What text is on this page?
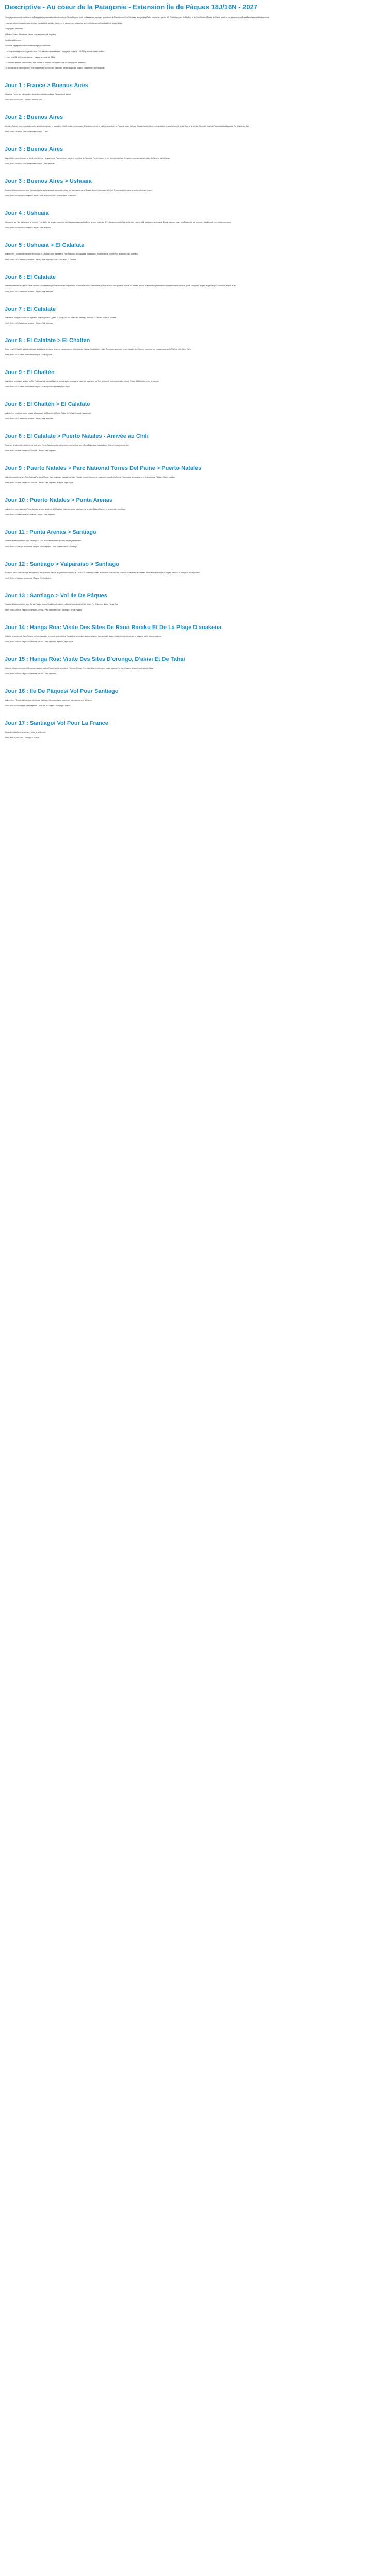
Descriptive - Au coeur de la Patagonie - Extension Île de Pâques 18J/16N - 2027

Ce voyage découvre le meilleur de la Patagonie argentine et chilienne ainsi que l'Île de Pâques. Vous profiterez des paysages grandioses du Parc National Los Glaciares, des glaciers Perito Moreno et Upsala, d'El Chaltén au pied du Fitz Roy et du Parc National Torres del Paine, avant de vous envoler pour Rapa Nui et ses mystérieux moais.

Le voyage alterne navigations sur les lacs, randonnées faciles à modérées et découvertes culturelles, avec un hébergement confortable à chaque étape.

Compagnies Aériennes :

Air France, Iberia, Aerolineas, Latam ou autres avec vols réguliers

Conditions Aériennes :

Franchise bagage et conditions selon compagnie aérienne.

- Les vols domestiques en Argentine et au Chili prévoient généralement 1 bagage en soute de 15 à 23 kg selon la classe tarifaire.

- Le vol vers l'Île de Pâques autorise 1 bagage en soute de 23 kg.

Les horaires des vols sont donnés à titre indicatif et peuvent être modifiés par les compagnies aériennes.

Les excursions et visites peuvent être modifiées en fonction des conditions météorologiques, toujours changeantes en Patagonie.

Jour 1 : France > Buenos Aires

Départ de France sur vol régulier à destination de Buenos Aires. Repas et nuit à bord.

Hôtel : Nuit en vol / Vols : France > Buenos Aires

Jour 2 : Buenos Aires

Arrivée à Buenos Aires, accueil par votre guide francophone et transfert à l'hôtel. Après-midi consacré à la découverte de la capitale argentine : la Plaza de Mayo, la Casa Rosada, la cathédrale métropolitaine, le quartier coloré de La Boca et le célèbre Caminito, puis San Telmo et ses antiquaires. Fin de journée libre.

Hôtel : Hôtel à Buenos Aires ou similaire / Repas : Libre

Jour 3 : Buenos Aires

Journée libre pour découvrir la ville à votre rythme : le quartier de Palermo et ses parcs, le cimetière de Recoleta, Puerto Madero et ses docks réhabilités. En option, excursion dans le delta du Tigre ou soirée tango.

Hôtel : Hôtel à Buenos Aires ou similaire / Repas : Petit déjeuner

Jour 3 : Buenos Aires > Ushuaia

Transfert à l'aéroport et vol pour Ushuaia, la ville la plus australe du monde, située sur les rives du canal Beagle. Accueil et transfert à l'hôtel. Promenade libre dans le centre-ville et sur le port.

Hôtel : Hôtel à Ushuaia ou similaire / Repas : Petit déjeuner / Vols : Buenos Aires > Ushuaia

Jour 4 : Ushuaia

Découverte du Parc National de la Terre de Feu : forêts de lengas, tourbières, baie Lapataia marquant la fin de la route nationale 3. Petite randonnée le long de la côte. L'après-midi, navigation sur le canal Beagle jusqu'au phare des Éclaireurs, à la rencontre des lions de mer et des cormorans.

Hôtel : Hôtel à Ushuaia ou similaire / Repas : Petit déjeuner

Jour 5 : Ushuaia > El Calafate

Matinée libre. Transfert à l'aéroport et vol pour El Calafate, porte d'entrée du Parc National Los Glaciares. Installation à l'hôtel et fin de journée libre au bord du lac Argentino.

Hôtel : Hôtel à El Calafate ou similaire / Repas : Petit déjeuner / Vols : Ushuaia > El Calafate

Jour 6 : El Calafate

Journée consacrée au glacier Perito Moreno, l'un des rares glaciers encore en progression. Promenade sur les passerelles qui font face au front glaciaire haut de 60 mètres, d'où se détachent régulièrement d'impressionnants blocs de glace. Navigation au pied du glacier pour l'observer depuis le lac.

Hôtel : Hôtel à El Calafate ou similaire / Repas : Petit déjeuner

Jour 7 : El Calafate

Journée de navigation sur le lac Argentino vers les glaciers Upsala et Spegazzini, au milieu des icebergs. Retour à El Calafate en fin de journée.

Hôtel : Hôtel à El Calafate ou similaire / Repas : Petit déjeuner

Jour 8 : El Calafate > El Chaltén

Route vers El Chaltén, capitale nationale du trekking, à travers la steppe patagonienne, le long du lac Viedma. Installation à l'hôtel. Première randonnée vers le mirador des Condors pour une vue panoramique sur le Fitz Roy et le Cerro Torre.

Hôtel : Hôtel à El Chaltén ou similaire / Repas : Petit déjeuner

Jour 9 : El Chaltén

Journée de randonnée au pied du Fitz Roy jusqu'à la laguna Capri ou, pour les plus courageux, jusqu'à la laguna de los Tres (environ 8 h de marche aller-retour). Retour à El Chaltén en fin de journée.

Hôtel : Hôtel à El Chaltén ou similaire / Repas : Petit déjeuner, déjeuner pique-nique

Jour 8 : El Chaltén > El Calafate

Matinée libre pour une courte balade à la cascade du Chorrillo del Salto. Retour à El Calafate dans l'après-midi.

Hôtel : Hôtel à El Calafate ou similaire / Repas : Petit déjeuner

Jour 8 : El Calafate > Puerto Natales - Arrivée au Chili

Traversée de la frontière chilienne et route vers Puerto Natales, petite ville portuaire au bord du fjord Última Esperanza. Installation à l'hôtel et fin de journée libre.

Hôtel : Hôtel à Puerto Natales ou similaire / Repas : Petit déjeuner

Jour 9 : Puerto Natales > Parc National Torres Del Paine > Puerto Natales

Journée complète dans le Parc National Torres del Paine : lacs turquoise, cascade du Salto Grande, mirador Cuernos et vues sur le massif des Torres. Observation des guanacos et des nandous. Retour à Puerto Natales.

Hôtel : Hôtel à Puerto Natales ou similaire / Repas : Petit déjeuner, déjeuner pique-nique

Jour 10 : Puerto Natales > Punta Arenas

Matinée libre puis route vers Punta Arenas, au bord du détroit de Magellan. Visite du centre historique, de la place Muñoz Gamero et du cimetière municipal.

Hôtel : Hôtel à Punta Arenas ou similaire / Repas : Petit déjeuner

Jour 11 : Punta Arenas > Santiago

Transfert à l'aéroport et vol pour Santiago du Chili. Accueil et transfert à l'hôtel. Fin de journée libre.

Hôtel : Hôtel à Santiago ou similaire / Repas : Petit déjeuner / Vols : Punta Arenas > Santiago

Jour 12 : Santiago > Valparaiso > Santiago

Excursion sur la côte Pacifique à Valparaiso, ville portuaire classée au patrimoine mondial de l'UNESCO, célèbre pour ses ascenseurs, ses maisons colorées et ses fresques murales. Puis Viña del Mar et ses plages. Retour à Santiago en fin de journée.

Hôtel : Hôtel à Santiago ou similaire / Repas : Petit déjeuner

Jour 13 : Santiago > Vol Ile De Pâques

Transfert à l'aéroport et vol pour l'Île de Pâques. Accueil traditionnel avec un collier de fleurs et transfert à l'hôtel. Fin de journée libre à Hanga Roa.

Hôtel : Hôtel à l'Île de Pâques ou similaire / Repas : Petit déjeuner / Vols : Santiago > Île de Pâques

Jour 14 : Hanga Roa: Visite Des Sites De Rano Raraku Et De La Plage D'anakena

Visite de la carrière de Rano Raraku, où furent sculptés les moais, puis de l'ahu Tongariki et ses quinze statues alignées face au soleil levant. Après-midi de détente sur la plage de sable blanc d'Anakena.

Hôtel : Hôtel à l'Île de Pâques ou similaire / Repas : Petit déjeuner, déjeuner pique-nique

Jour 15 : Hanga Roa: Visite Des Sites D'orongo, D'akivi Et De Tahai

Visite du village cérémoniel d'Orongo au bord du cratère Rano Kau, lié au culte de l'Homme-Oiseau. Puis l'ahu Akivi, dont les sept moais regardent la mer. Coucher de soleil sur le site de Tahai.

Hôtel : Hôtel à l'Île de Pâques ou similaire / Repas : Petit déjeuner

Jour 16 : Ile De Pâques/ Vol Pour Santiago

Matinée libre. Transfert à l'aéroport et vol pour Santiago. Correspondance pour le vol international vers la France.

Hôtel : Nuit en vol / Repas : Petit déjeuner / Vols : Île de Pâques > Santiago > France

Jour 17 : Santiago/ Vol Pour La France

Repas et nuit à bord. Arrivée en France le lendemain.

Hôtel : Nuit en vol / Vols : Santiago > France
